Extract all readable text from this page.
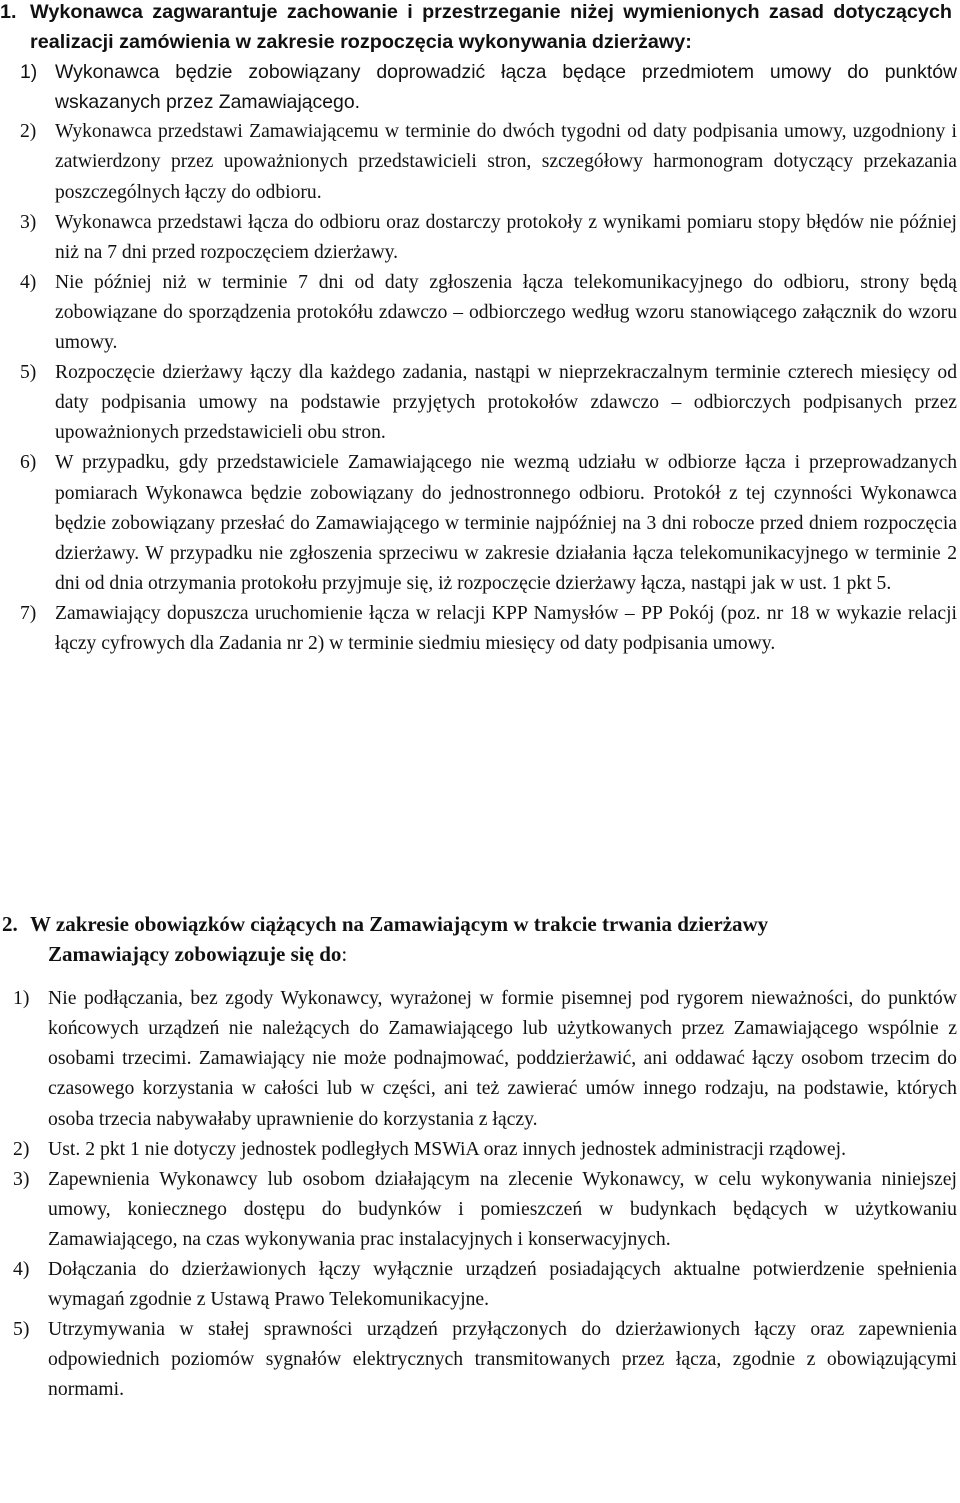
1. Wykonawca zagwarantuje zachowanie i przestrzeganie niżej wymienionych zasad dotyczących realizacji zamówienia w zakresie rozpoczęcia wykonywania dzierżawy:
1) Wykonawca będzie zobowiązany doprowadzić łącza będące przedmiotem umowy do punktów wskazanych przez Zamawiającego.
2) Wykonawca przedstawi Zamawiającemu w terminie do dwóch tygodni od daty podpisania umowy, uzgodniony i zatwierdzony przez upoważnionych przedstawicieli stron, szczegółowy harmonogram dotyczący przekazania poszczególnych łączy do odbioru.
3) Wykonawca przedstawi łącza do odbioru oraz dostarczy protokoły z wynikami pomiaru stopy błędów nie później niż na 7 dni przed rozpoczęciem dzierżawy.
4) Nie później niż w terminie 7 dni od daty zgłoszenia łącza telekomunikacyjnego do odbioru, strony będą zobowiązane do sporządzenia protokółu zdawczo – odbiorczego według wzoru stanowiącego załącznik do wzoru umowy.
5) Rozpoczęcie dzierżawy łączy dla każdego zadania, nastąpi w nieprzekraczalnym terminie czterech miesięcy od daty podpisania umowy na podstawie przyjętych protokołów zdawczo – odbiorczych podpisanych przez upoważnionych przedstawicieli obu stron.
6) W przypadku, gdy przedstawiciele Zamawiającego nie wezmą udziału w odbiorze łącza i przeprowadzanych pomiarach Wykonawca będzie zobowiązany do jednostronnego odbioru. Protokół z tej czynności Wykonawca będzie zobowiązany przesłać do Zamawiającego w terminie najpóźniej na 3 dni robocze przed dniem rozpoczęcia dzierżawy. W przypadku nie zgłoszenia sprzeciwu w zakresie działania łącza telekomunikacyjnego w terminie 2 dni od dnia otrzymania protokołu przyjmuje się, iż rozpoczęcie dzierżawy łącza, nastąpi jak w ust. 1 pkt 5.
7) Zamawiający dopuszcza uruchomienie łącza w relacji KPP Namysłów – PP Pokój (poz. nr 18 w wykazie relacji łączy cyfrowych dla Zadania nr 2) w terminie siedmiu miesięcy od daty podpisania umowy.
2. W zakresie obowiązków ciążących na Zamawiającym w trakcie trwania dzierżawy
Zamawiający zobowiązuje się do:
1) Nie podłączania, bez zgody Wykonawcy, wyrażonej w formie pisemnej pod rygorem nieważności, do punktów końcowych urządzeń nie należących do Zamawiającego lub użytkowanych przez Zamawiającego wspólnie z osobami trzecimi. Zamawiający nie może podnajmować, poddzierżawić, ani oddawać łączy osobom trzecim do czasowego korzystania w całości lub w części, ani też zawierać umów innego rodzaju, na podstawie, których osoba trzecia nabywałaby uprawnienie do korzystania z łączy.
2) Ust. 2 pkt 1 nie dotyczy jednostek podległych MSWiA oraz innych jednostek administracji rządowej.
3) Zapewnienia Wykonawcy lub osobom działającym na zlecenie Wykonawcy, w celu wykonywania niniejszej umowy, koniecznego dostępu do budynków i pomieszczeń w budynkach będących w użytkowaniu Zamawiającego, na czas wykonywania prac instalacyjnych i konserwacyjnych.
4) Dołączania do dzierżawionych łączy wyłącznie urządzeń posiadających aktualne potwierdzenie spełnienia wymagań zgodnie z Ustawą Prawo Telekomunikacyjne.
5) Utrzymywania w stałej sprawności urządzeń przyłączonych do dzierżawionych łączy oraz zapewnienia odpowiednich poziomów sygnałów elektrycznych transmitowanych przez łącza, zgodnie z obowiązującymi normami.
